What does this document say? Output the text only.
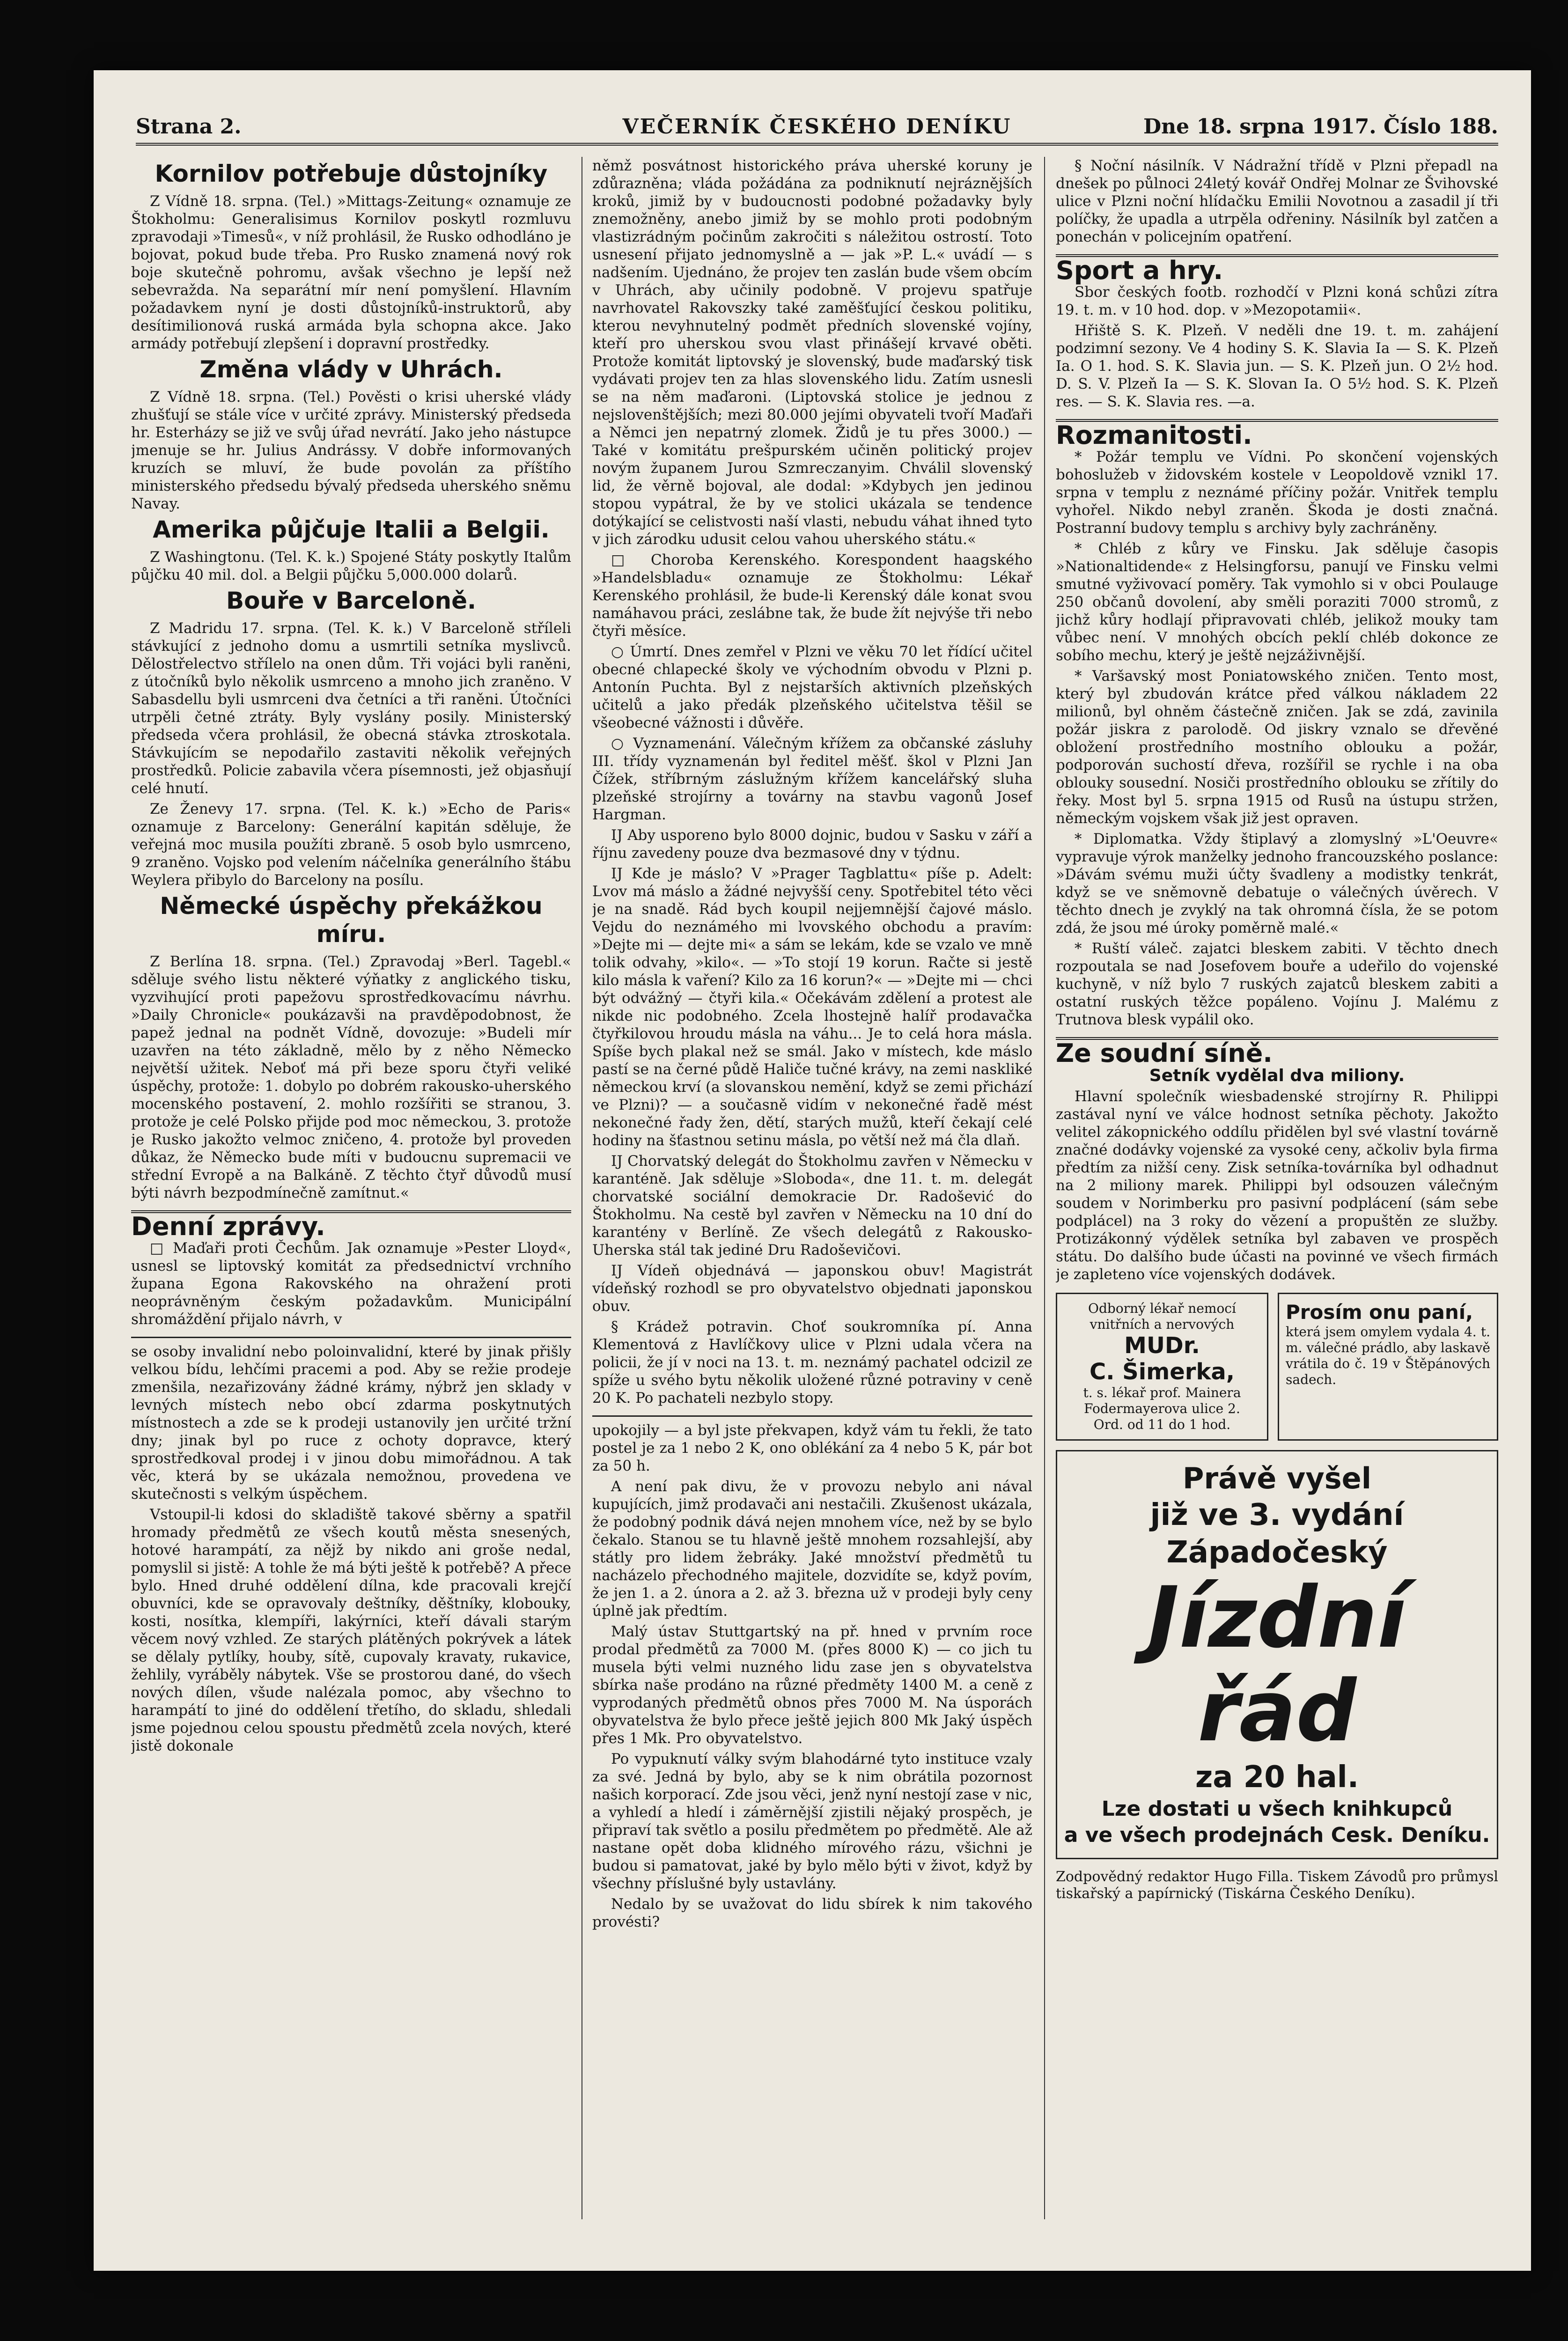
Strana 2.	VEČERNÍK ČESKÉHO DENÍKU	Dne 18. srpna 1917. Číslo 188.
Kornilov potřebuje důstojníky

Z Vídně 18. srpna. (Tel.) »Mittags-Zeitung« oznamuje ze Štokholmu: Generalisimus Kornilov poskytl rozmluvu zpravodaji »Timesů«, v níž prohlásil, že Rusko odhodláno je bojovat, pokud bude třeba. Pro Rusko znamená nový rok boje skutečně pohromu, avšak všechno je lepší než sebevražda. Na separátní mír není pomyšlení. Hlavním požadavkem nyní je dosti důstojníků-instruktorů, aby desítimilionová ruská armáda byla schopna akce. Jako armády potřebují zlepšení i dopravní prostředky.

Změna vlády v Uhrách.

Z Vídně 18. srpna. (Tel.) Pověsti o krisi uherské vlády zhušťují se stále více v určité zprávy. Ministerský předseda hr. Esterházy se již ve svůj úřad nevrátí. Jako jeho nástupce jmenuje se hr. Julius Andrássy. V dobře informovaných kruzích se mluví, že bude povolán za příštího ministerského předsedu bývalý předseda uherského sněmu Navay.

Amerika půjčuje Italii a Belgii.

Z Washingtonu. (Tel. K. k.) Spojené Státy poskytly Italům půjčku 40 mil. dol. a Belgii půjčku 5,000.000 dolarů.

Bouře v Barceloně.

Z Madridu 17. srpna. (Tel. K. k.) V Barceloně stříleli stávkující z jednoho domu a usmrtili setníka myslivců. Dělostřelectvo střílelo na onen dům. Tři vojáci byli raněni, z útočníků bylo několik usmrceno a mnoho jich zraněno. V Sabasdellu byli usmrceni dva četníci a tři raněni. Útočníci utrpěli četné ztráty. Byly vyslány posily. Ministerský předseda včera prohlásil, že obecná stávka ztroskotala. Stávkujícím se nepodařilo zastaviti několik veřejných prostředků. Policie zabavila včera písemnosti, jež objasňují celé hnutí.

Ze Ženevy 17. srpna. (Tel. K. k.) »Echo de Paris« oznamuje z Barcelony: Generální kapitán sděluje, že veřejná moc musila použíti zbraně. 5 osob bylo usmrceno, 9 zraněno. Vojsko pod velením náčelníka generálního štábu Weylera přibylo do Barcelony na posílu.

Německé úspěchy překážkou míru.

Z Berlína 18. srpna. (Tel.) Zpravodaj »Berl. Tagebl.« sděluje svého listu některé výňatky z anglického tisku, vyzvihující proti papežovu sprostředkovacímu návrhu. »Daily Chronicle« poukázavši na pravděpodobnost, že papež jednal na podnět Vídně, dovozuje: »Budeli mír uzavřen na této základně, mělo by z něho Německo největší užitek. Neboť má při beze sporu čtyři veliké úspěchy, protože: 1. dobylo po dobrém rakousko-uherského mocenského postavení, 2. mohlo rozšířiti se stranou, 3. protože je celé Polsko přijde pod moc německou, 3. protože je Rusko jakožto velmoc zničeno, 4. protože byl proveden důkaz, že Německo bude míti v budoucnu supremacii ve střední Evropě a na Balkáně. Z těchto čtyř důvodů musí býti návrh bezpodmínečně zamítnut.«

Denní zprávy.

□ Maďaři proti Čechům. Jak oznamuje »Pester Lloyd«, usnesl se liptovský komitát za předsednictví vrchního župana Egona Rakovského na ohražení proti neoprávněným českým požadavkům. Municipální shromáždění přijalo návrh, v

se osoby invalidní nebo poloinvalidní, které by jinak přišly velkou bídu, lehčími pracemi a pod. Aby se režie prodeje zmenšila, nezařizovány žádné krámy, nýbrž jen sklady v levných místech nebo obcí zdarma poskytnutých místnostech a zde se k prodeji ustanovily jen určité tržní dny; jinak byl po ruce z ochoty dopravce, který sprostředkoval prodej i v jinou dobu mimořádnou. A tak věc, která by se ukázala nemožnou, provedena ve skutečnosti s velkým úspěchem.

Vstoupil-li kdosi do skladiště takové sběrny a spatřil hromady předmětů ze všech koutů města snesených, hotové harampátí, za nějž by nikdo ani groše nedal, pomyslil si jistě: A tohle že má býti ještě k potřebě? A přece bylo. Hned druhé oddělení dílna, kde pracovali krejčí obuvníci, kde se opravovaly deštníky, děštníky, klobouky, kosti, nosítka, klempíři, lakýrníci, kteří dávali starým věcem nový vzhled. Ze starých plátěných pokrývek a látek se dělaly pytlíky, houby, sítě, cupovaly kravaty, rukavice, žehlily, vyráběly nábytek. Vše se prostorou dané, do všech nových dílen, všude nalézala pomoc, aby všechno to harampátí to jiné do oddělení třetího, do skladu, shledali jsme pojednou celou spoustu předmětů zcela nových, které jistě dokonale

němž posvátnost historického práva uherské koruny je zdůrazněna; vláda požádána za podniknutí nejráznějších kroků, jimiž by v budoucnosti podobné požadavky byly znemožněny, anebo jimiž by se mohlo proti podobným vlastizrádným počinům zakročiti s náležitou ostrostí. Toto usnesení přijato jednomyslně a — jak »P. L.« uvádí — s nadšením. Ujednáno, že projev ten zaslán bude všem obcím v Uhrách, aby učinily podobně. V projevu spatřuje navrhovatel Rakovszky také zaměšťující českou politiku, kterou nevyhnutelný podmět předních slovenské vojíny, kteří pro uherskou svou vlast přinášejí krvavé oběti. Protože komitát liptovský je slovenský, bude maďarský tisk vydávati projev ten za hlas slovenského lidu. Zatím usnesli se na něm maďaroni. (Liptovská stolice je jednou z nejslovenštějších; mezi 80.000 jejími obyvateli tvoří Maďaři a Němci jen nepatrný zlomek. Židů je tu přes 3000.) — Také v komitátu prešpurském učiněn politický projev novým županem Jurou Szmreczanyim. Chválil slovenský lid, že věrně bojoval, ale dodal: »Kdybych jen jedinou stopou vypátral, že by ve stolici ukázala se tendence dotýkající se celistvosti naší vlasti, nebudu váhat ihned tyto v jich zárodku udusit celou vahou uherského státu.«

□ Choroba Kerenského. Korespondent haagského »Handelsbladu« oznamuje ze Štokholmu: Lékař Kerenského prohlásil, že bude-li Kerenský dále konat svou namáhavou práci, zeslábne tak, že bude žít nejvýše tři nebo čtyři měsíce.

○ Úmrtí. Dnes zemřel v Plzni ve věku 70 let řídící učitel obecné chlapecké školy ve východním obvodu v Plzni p. Antonín Puchta. Byl z nejstarších aktivních plzeňských učitelů a jako předák plzeňského učitelstva těšil se všeobecné vážnosti i důvěře.

○ Vyznamenání. Válečným křížem za občanské zásluhy III. třídy vyznamenán byl ředitel měšť. škol v Plzni Jan Čížek, stříbrným záslužným křížem kancelářský sluha plzeňské strojírny a továrny na stavbu vagonů Josef Hargman.

Ĳ Aby usporeno bylo 8000 dojnic, budou v Sasku v září a říjnu zavedeny pouze dva bezmasové dny v týdnu.

Ĳ Kde je máslo? V »Prager Tagblattu« píše p. Adelt: Lvov má máslo a žádné nejvyšší ceny. Spotřebitel této věci je na snadě. Rád bych koupil nejjemnější čajové máslo. Vejdu do neznámého mi lvovského obchodu a pravím: »Dejte mi — dejte mi« a sám se lekám, kde se vzalo ve mně tolik odvahy, »kilo«. — »To stojí 19 korun. Račte si jestě kilo másla k vaření? Kilo za 16 korun?« — »Dejte mi — chci být odvážný — čtyři kila.« Očekávám zdělení a protest ale nikde nic podobného. Zcela lhostejně halíř prodavačka čtyřkilovou hroudu másla na váhu... Je to celá hora másla. Spíše bych plakal než se smál. Jako v místech, kde máslo pastí se na černé půdě Haliče tučné krávy, na zemi naskliké německou krví (a slovanskou nemění, když se zemi přichází ve Plzni)? — a současně vidím v nekonečné řadě mést nekonečné řady žen, dětí, starých mužů, kteří čekají celé hodiny na šťastnou setinu másla, po větší než má čla dlaň.

Ĳ Chorvatský delegát do Štokholmu zavřen v Německu v karanténě. Jak sděluje »Sloboda«, dne 11. t. m. delegát chorvatské sociální demokracie Dr. Radošević do Štokholmu. Na cestě byl zavřen v Německu na 10 dní do karantény v Berlíně. Ze všech delegátů z Rakousko-Uherska stál tak jediné Dru Radoševičovi.

Ĳ Vídeň objednává — japonskou obuv! Magistrát vídeňský rozhodl se pro obyvatelstvo objednati japonskou obuv.

§ Krádež potravin. Choť soukromníka pí. Anna Klementová z Havlíčkovy ulice v Plzni udala včera na policii, že jí v noci na 13. t. m. neznámý pachatel odcizil ze spíže u svého bytu několik uložené různé potraviny v ceně 20 K. Po pachateli nezbylo stopy.

upokojily — a byl jste překvapen, když vám tu řekli, že tato postel je za 1 nebo 2 K, ono oblékání za 4 nebo 5 K, pár bot za 50 h.

A není pak divu, že v provozu nebylo ani nával kupujících, jimž prodavači ani nestačili. Zkušenost ukázala, že podobný podnik dává nejen mnohem více, než by se bylo čekalo. Stanou se tu hlavně ještě mnohem rozsahlejší, aby státly pro lidem žebráky. Jaké množství předmětů tu nacházelo přechodného majitele, dozvidíte se, když povím, že jen 1. a 2. února a 2. až 3. března už v prodeji byly ceny úplně jak předtím.

Malý ústav Stuttgartský na př. hned v prvním roce prodal předmětů za 7000 M. (přes 8000 K) — co jich tu musela býti velmi nuzného lidu zase jen s obyvatelstva sbírka naše prodáno na různé předměty 1400 M. a ceně z vyprodaných předmětů obnos přes 7000 M. Na úsporách obyvatelstva že bylo přece ještě jejich 800 Mk Jaký úspěch přes 1 Mk. Pro obyvatelstvo.

Po vypuknutí války svým blahodárné tyto instituce vzaly za své. Jedná by bylo, aby se k nim obrátila pozornost našich korporací. Zde jsou věci, jenž nyní nestojí zase v nic, a vyhledí a hledí i záměrnější zjistili nějaký prospěch, je připraví tak světlo a posilu předmětem po předmětě. Ale až nastane opět doba klidného mírového rázu, všichni je budou si pamatovat, jaké by bylo mělo býti v život, když by všechny příslušné byly ustavlány.

Nedalo by se uvažovat do lidu sbírek k nim takového provésti?

§ Noční násilník. V Nádražní třídě v Plzni přepadl na dnešek po půlnoci 24letý kovář Ondřej Molnar ze Švihovské ulice v Plzni noční hlídačku Emilii Novotnou a zasadil jí tři políčky, že upadla a utrpěla odřeniny. Násilník byl zatčen a ponechán v policejním opatření.

Sport a hry.

Sbor českých footb. rozhodčí v Plzni koná schůzi zítra 19. t. m. v 10 hod. dop. v »Mezopotamii«.

Hřiště S. K. Plzeň. V neděli dne 19. t. m. zahájení podzimní sezony. Ve 4 hodiny S. K. Slavia Ia — S. K. Plzeň Ia. O 1. hod. S. K. Slavia jun. — S. K. Plzeň jun. O 2½ hod. D. S. V. Plzeň Ia — S. K. Slovan Ia. O 5½ hod. S. K. Plzeň res. — S. K. Slavia res. —a.

Rozmanitosti.

* Požár templu ve Vídni. Po skončení vojenských bohoslužeb v židovském kostele v Leopoldově vznikl 17. srpna v templu z neznámé příčiny požár. Vnitřek templu vyhořel. Nikdo nebyl zraněn. Škoda je dosti značná. Postranní budovy templu s archivy byly zachráněny.

* Chléb z kůry ve Finsku. Jak sděluje časopis »Nationaltidende« z Helsingforsu, panují ve Finsku velmi smutné vyživovací poměry. Tak vymohlo si v obci Poulauge 250 občanů dovolení, aby směli poraziti 7000 stromů, z jichž kůry hodlají připravovati chléb, jelikož mouky tam vůbec není. V mnohých obcích peklí chléb dokonce ze sobího mechu, který je ještě nejzáživnější.

* Varšavský most Poniatowského zničen. Tento most, který byl zbudován krátce před válkou nákladem 22 milionů, byl ohněm částečně zničen. Jak se zdá, zavinila požár jiskra z parolodě. Od jiskry vznalo se dřevěné obložení prostředního mostního oblouku a požár, podporován suchostí dřeva, rozšířil se rychle i na oba oblouky sousední. Nosiči prostředního oblouku se zřítily do řeky. Most byl 5. srpna 1915 od Rusů na ústupu stržen, německým vojskem však již jest opraven.

* Diplomatka. Vždy štiplavý a zlomyslný »L'Oeuvre« vypravuje výrok manželky jednoho francouzského poslance: »Dávám svému muži účty švadleny a modistky tenkrát, když se ve sněmovně debatuje o válečných úvěrech. V těchto dnech je zvyklý na tak ohromná čísla, že se potom zdá, že jsou mé úroky poměrně malé.«

* Ruští váleč. zajatci bleskem zabiti. V těchto dnech rozpoutala se nad Josefovem bouře a udeřilo do vojenské kuchyně, v níž bylo 7 ruských zajatců bleskem zabiti a ostatní ruských těžce popáleno. Vojínu J. Malému z Trutnova blesk vypálil oko.

Ze soudní síně.
Setník vydělal dva miliony.

Hlavní společník wiesbadenské strojírny R. Philippi zastával nyní ve válce hodnost setníka pěchoty. Jakožto velitel zákopnického oddílu přidělen byl své vlastní továrně značné dodávky vojenské za vysoké ceny, ačkoliv byla firma předtím za nižší ceny. Zisk setníka-továrníka byl odhadnut na 2 miliony marek. Philippi byl odsouzen válečným soudem v Norimberku pro pasivní podplácení (sám sebe podplácel) na 3 roky do vězení a propuštěn ze služby. Protizákonný výdělek setníka byl zabaven ve prospěch státu. Do dalšího bude účasti na povinné ve všech firmách je zapleteno více vojenských dodávek.

Odborný lékař nemocí
vnitřních a nervových
MUDr.
C. Šimerka,
t. s. lékař prof. Mainera
Fodermayerova ulice 2.
Ord. od 11 do 1 hod.
Prosím onu paní,
která jsem omylem vydala 4. t. m. válečné prádlo, aby laskavě vrátila do č. 19 v Štěpánových sadech.
Právě vyšel
již ve 3. vydání Západočeský
Jízdní řád
za 20 hal.
Lze dostati u všech knihkupců
a ve všech prodejnách Cesk. Deníku.
Zodpovědný redaktor Hugo Filla. Tiskem Závodů pro průmysl tiskařský a papírnický (Tiskárna Českého Deníku).
